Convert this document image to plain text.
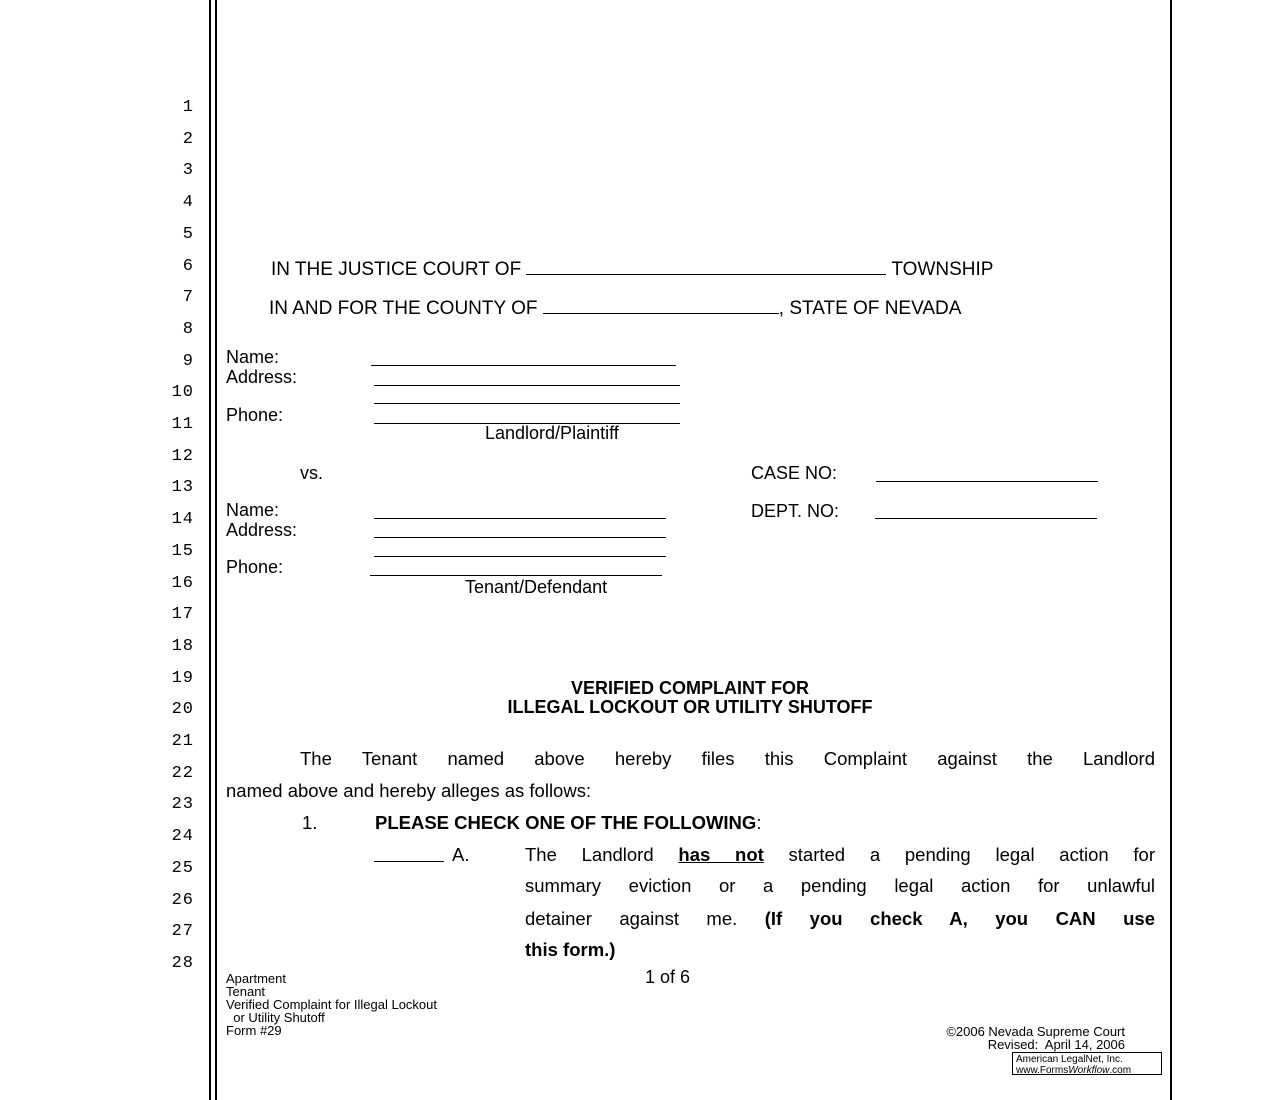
1
2
3
4
5
6
7
8
9
10
11
12
13
14
15
16
17
18
19
20
21
22
23
24
25
26
27
28
IN THE JUSTICE COURT OF	TOWNSHIP
IN AND FOR THE COUNTY OF	, STATE OF NEVADA
Name:
Address:
Phone:
Landlord/Plaintiff
vs.	CASE NO:
DEPT. NO:
Name:
Address:
Phone:
Tenant/Defendant
VERIFIED COMPLAINT FOR
ILLEGAL LOCKOUT OR UTILITY SHUTOFF
The Tenant named above hereby files this Complaint against the Landlord
named above and hereby alleges as follows:
1.	PLEASE CHECK ONE OF THE FOLLOWING:
A.	The Landlord has not started a pending legal action for
summary eviction or a pending legal action for unlawful
detainer against me. (If you check A, you CAN use
this form.)
1 of 6
Apartment
Tenant
Verified Complaint for Illegal Lockout
or Utility Shutoff
Form #29	©2006 Nevada Supreme Court
Revised:  April 14, 2006
American LegalNet, Inc.
www.FormsWorkflow.com
